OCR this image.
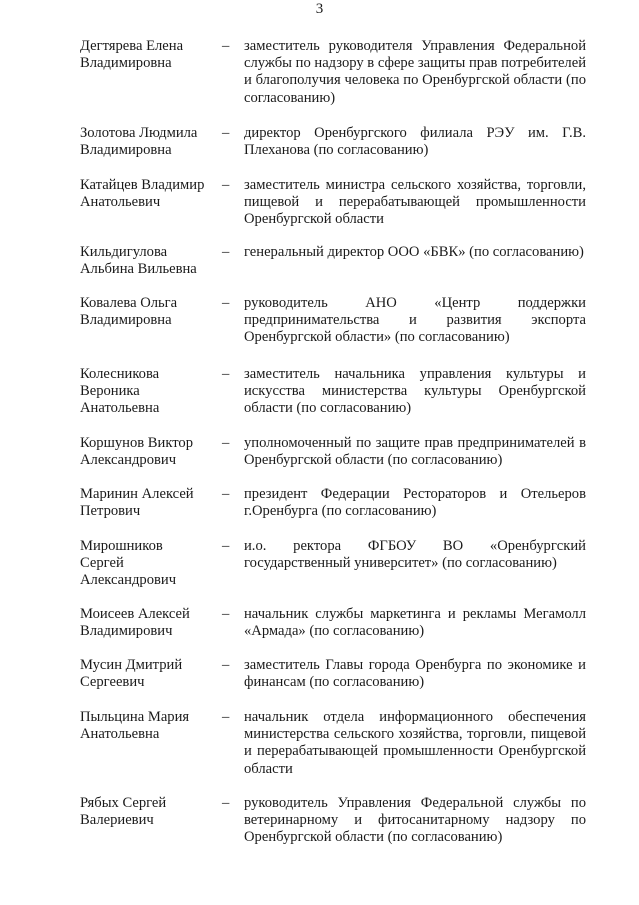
3
Дегтярева Елена
Владимировна
– заместитель руководителя Управления Федеральной службы по надзору в сфере защиты прав потребителей и благополучия человека по Оренбургской области (по согласованию)
Золотова Людмила
Владимировна
– директор Оренбургского филиала РЭУ им. Г.В. Плеханова (по согласованию)
Катайцев Владимир
Анатольевич
– заместитель министра сельского хозяйства, торговли, пищевой и перерабатывающей промышленности Оренбургской области
Кильдигулова
Альбина Вильевна
– генеральный директор ООО «БВК» (по согласованию)
Ковалева Ольга
Владимировна
– руководитель АНО «Центр поддержки предпринимательства и развития экспорта Оренбургской области» (по согласованию)
Колесникова
Вероника
Анатольевна
– заместитель начальника управления культуры и искусства министерства культуры Оренбургской области (по согласованию)
Коршунов Виктор
Александрович
– уполномоченный по защите прав предпринимателей в Оренбургской области (по согласованию)
Маринин Алексей
Петрович
– президент Федерации Рестораторов и Отельеров г.Оренбурга (по согласованию)
Мирошников
Сергей
Александрович
– и.о. ректора ФГБОУ ВО «Оренбургский государственный университет» (по согласованию)
Моисеев Алексей
Владимирович
– начальник службы маркетинга и рекламы Мегамолл «Армада» (по согласованию)
Мусин Дмитрий
Сергеевич
– заместитель Главы города Оренбурга по экономике и финансам (по согласованию)
Пыльцина Мария
Анатольевна
– начальник отдела информационного обеспечения министерства сельского хозяйства, торговли, пищевой и перерабатывающей промышленности Оренбургской области
Рябых Сергей
Валериевич
– руководитель Управления Федеральной службы по ветеринарному и фитосанитарному надзору по Оренбургской области (по согласованию)
